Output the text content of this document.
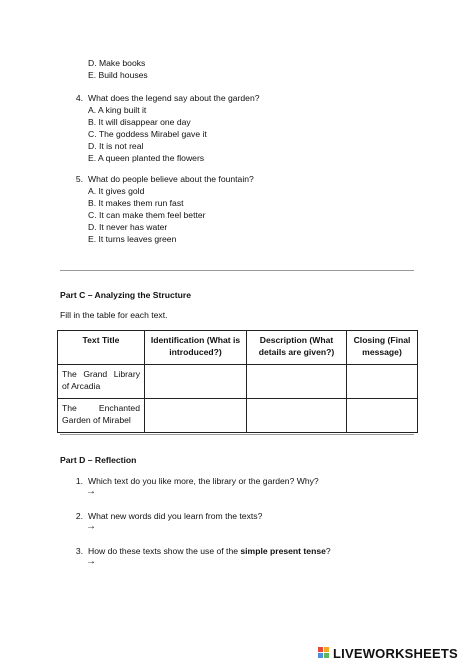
D. Make books
E. Build houses
4. What does the legend say about the garden?
A. A king built it
B. It will disappear one day
C. The goddess Mirabel gave it
D. It is not real
E. A queen planted the flowers
5. What do people believe about the fountain?
A. It gives gold
B. It makes them run fast
C. It can make them feel better
D. It never has water
E. It turns leaves green
Part C – Analyzing the Structure
Fill in the table for each text.
Text Title	Identification (What is introduced?)	Description (What details are given?)	Closing (Final message)
The Grand Library of Arcadia			
The Enchanted Garden of Mirabel			
Part D – Reflection
1. Which text do you like more, the library or the garden? Why?
→
2. What new words did you learn from the texts?
→
3. How do these texts show the use of the simple present tense?
→
LIVEWORKSHEETS
